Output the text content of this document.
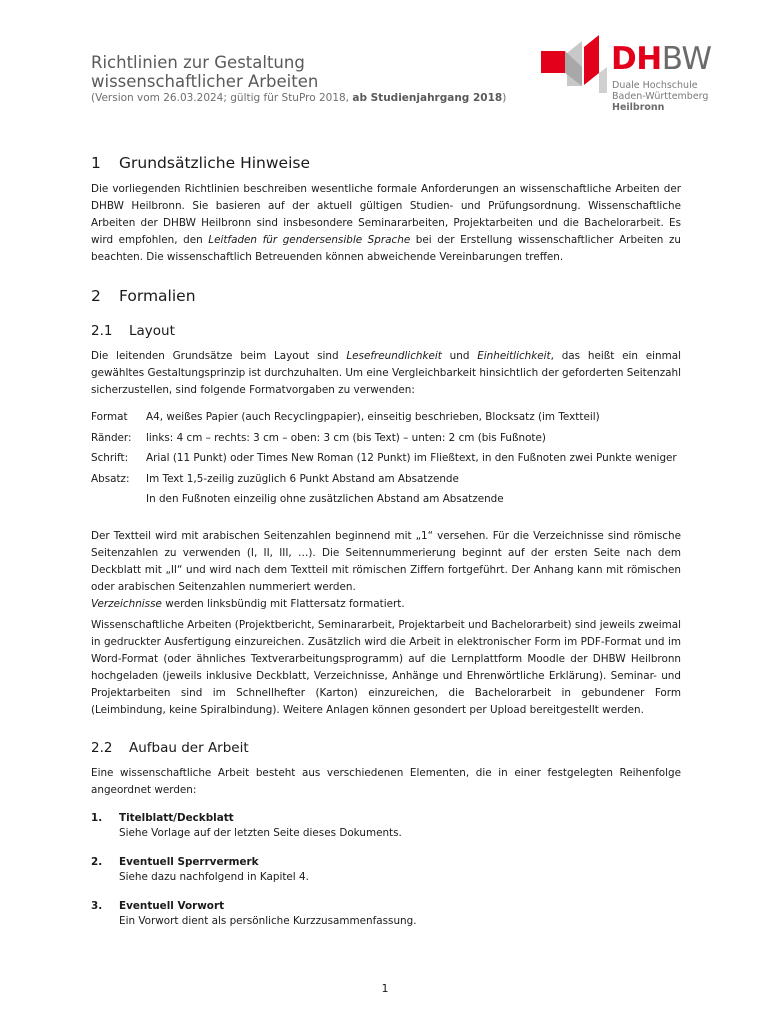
Richtlinien zur Gestaltung
wissenschaftlicher Arbeiten
(Version vom 26.03.2024; gültig für StuPro 2018, ab Studienjahrgang 2018)
DHBW
Duale Hochschule
Baden-Württemberg
Heilbronn
1 Grundsätzliche Hinweise
Die vorliegenden Richtlinien beschreiben wesentliche formale Anforderungen an wissenschaftliche Arbeiten der DHBW Heilbronn. Sie basieren auf der aktuell gültigen Studien- und Prüfungsordnung. Wissenschaftliche Arbeiten der DHBW Heilbronn sind insbesondere Seminararbeiten, Projektarbeiten und die Bachelorarbeit. Es wird empfohlen, den Leitfaden für gendersensible Sprache bei der Erstellung wissenschaftlicher Arbeiten zu beachten. Die wissenschaftlich Betreuenden können abweichende Vereinbarungen treffen.
2 Formalien
2.1 Layout
Die leitenden Grundsätze beim Layout sind Lesefreundlichkeit und Einheitlichkeit, das heißt ein einmal gewähltes Gestaltungsprinzip ist durchzuhalten. Um eine Vergleichbarkeit hinsichtlich der geforderten Seitenzahl sicherzustellen, sind folgende Formatvorgaben zu verwenden:
Format	A4, weißes Papier (auch Recyclingpapier), einseitig beschrieben, Blocksatz (im Textteil)
Ränder:	links: 4 cm – rechts: 3 cm – oben: 3 cm (bis Text) – unten: 2 cm (bis Fußnote)
Schrift:	Arial (11 Punkt) oder Times New Roman (12 Punkt) im Fließtext, in den Fußnoten zwei Punkte weniger
Absatz:	Im Text 1,5-zeilig zuzüglich 6 Punkt Abstand am Absatzende
In den Fußnoten einzeilig ohne zusätzlichen Abstand am Absatzende
Der Textteil wird mit arabischen Seitenzahlen beginnend mit „1“ versehen. Für die Verzeichnisse sind römische Seitenzahlen zu verwenden (I, II, III, …). Die Seitennummerierung beginnt auf der ersten Seite nach dem Deckblatt mit „II“ und wird nach dem Textteil mit römischen Ziffern fortgeführt. Der Anhang kann mit römischen oder arabischen Seitenzahlen nummeriert werden.
Verzeichnisse werden linksbündig mit Flattersatz formatiert.
Wissenschaftliche Arbeiten (Projektbericht, Seminararbeit, Projektarbeit und Bachelorarbeit) sind jeweils zweimal in gedruckter Ausfertigung einzureichen. Zusätzlich wird die Arbeit in elektronischer Form im PDF-Format und im Word-Format (oder ähnliches Textverarbeitungsprogramm) auf die Lernplattform Moodle der DHBW Heilbronn hochgeladen (jeweils inklusive Deckblatt, Verzeichnisse, Anhänge und Ehrenwörtliche Erklärung). Seminar- und Projektarbeiten sind im Schnellhefter (Karton) einzureichen, die Bachelorarbeit in gebundener Form (Leimbindung, keine Spiralbindung). Weitere Anlagen können gesondert per Upload bereitgestellt werden.
2.2 Aufbau der Arbeit
Eine wissenschaftliche Arbeit besteht aus verschiedenen Elementen, die in einer festgelegten Reihenfolge angeordnet werden:
1.	Titelblatt/Deckblatt
Siehe Vorlage auf der letzten Seite dieses Dokuments.
2.	Eventuell Sperrvermerk
Siehe dazu nachfolgend in Kapitel 4.
3.	Eventuell Vorwort
Ein Vorwort dient als persönliche Kurzzusammenfassung.
1
